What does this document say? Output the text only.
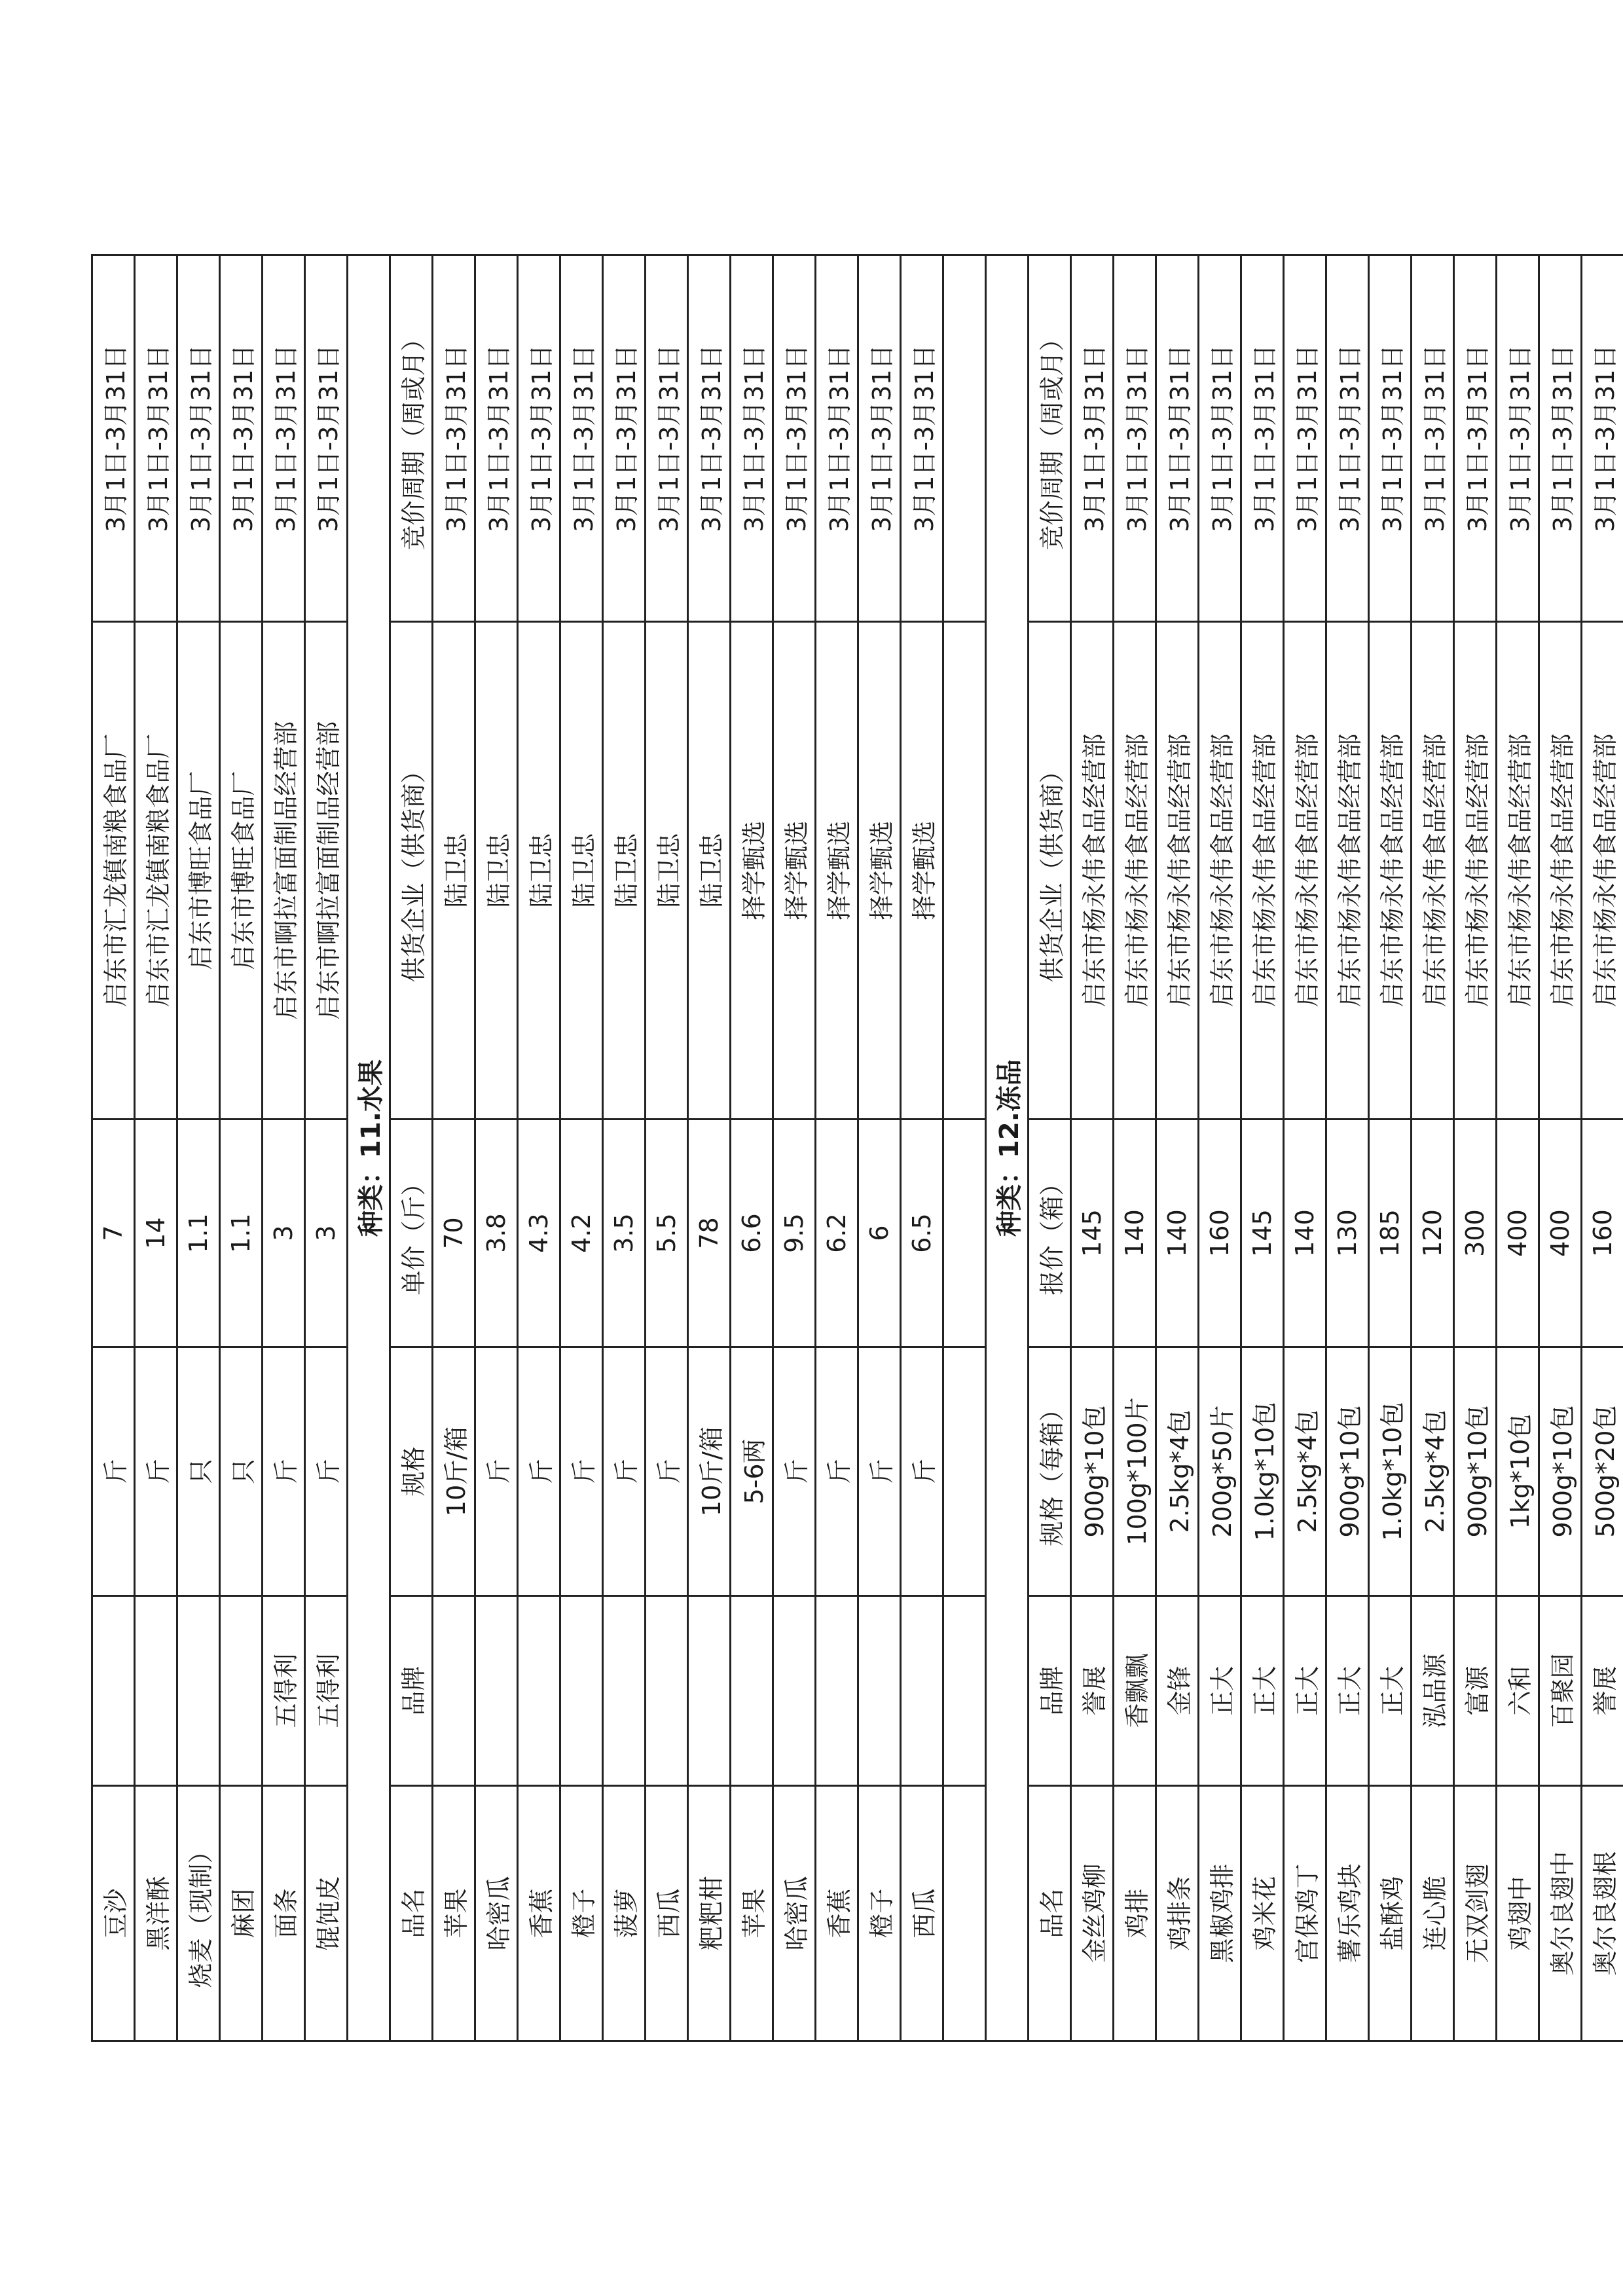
豆沙		斤	7	启东市汇龙镇南粮食品厂	3月1日-3月31日
黑洋酥		斤	14	启东市汇龙镇南粮食品厂	3月1日-3月31日
烧麦（现制）		只	1.1	启东市博旺食品厂	3月1日-3月31日
麻团		只	1.1	启东市博旺食品厂	3月1日-3月31日
面条	五得利	斤	3	启东市啊拉富面制品经营部	3月1日-3月31日
馄饨皮	五得利	斤	3	启东市啊拉富面制品经营部	3月1日-3月31日
种类：11.水果					
品名	品牌	规格	单价（斤）	供货企业（供货商）	竞价周期（周或月）
苹果		10斤/箱	70	陆卫忠	3月1日-3月31日
哈密瓜		斤	3.8	陆卫忠	3月1日-3月31日
香蕉		斤	4.3	陆卫忠	3月1日-3月31日
橙子		斤	4.2	陆卫忠	3月1日-3月31日
菠萝		斤	3.5	陆卫忠	3月1日-3月31日
西瓜		斤	5.5	陆卫忠	3月1日-3月31日
粑粑柑		10斤/箱	78	陆卫忠	3月1日-3月31日
苹果		5-6两	6.6	择学甄选	3月1日-3月31日
哈密瓜		斤	9.5	择学甄选	3月1日-3月31日
香蕉		斤	6.2	择学甄选	3月1日-3月31日
橙子		斤	6	择学甄选	3月1日-3月31日
西瓜		斤	6.5	择学甄选	3月1日-3月31日

种类：12.冻品					
品名	品牌	规格（每箱）	报价（箱）	供货企业（供货商）	竞价周期（周或月）
金丝鸡柳	誉展	900g*10包	145	启东市杨永伟食品经营部	3月1日-3月31日
鸡排	香飘飘	100g*100片	140	启东市杨永伟食品经营部	3月1日-3月31日
鸡排条	金锋	2.5kg*4包	140	启东市杨永伟食品经营部	3月1日-3月31日
黑椒鸡排	正大	200g*50片	160	启东市杨永伟食品经营部	3月1日-3月31日
鸡米花	正大	1.0kg*10包	145	启东市杨永伟食品经营部	3月1日-3月31日
宫保鸡丁	正大	2.5kg*4包	140	启东市杨永伟食品经营部	3月1日-3月31日
薯乐鸡块	正大	900g*10包	130	启东市杨永伟食品经营部	3月1日-3月31日
盐酥鸡	正大	1.0kg*10包	185	启东市杨永伟食品经营部	3月1日-3月31日
连心脆	泓品源	2.5kg*4包	120	启东市杨永伟食品经营部	3月1日-3月31日
无双剑翅	富源	900g*10包	300	启东市杨永伟食品经营部	3月1日-3月31日
鸡翅中	六和	1kg*10包	400	启东市杨永伟食品经营部	3月1日-3月31日
奥尔良翅中	百聚园	900g*10包	400	启东市杨永伟食品经营部	3月1日-3月31日
奥尔良翅根	誉展	500g*20包	160	启东市杨永伟食品经营部	3月1日-3月31日
